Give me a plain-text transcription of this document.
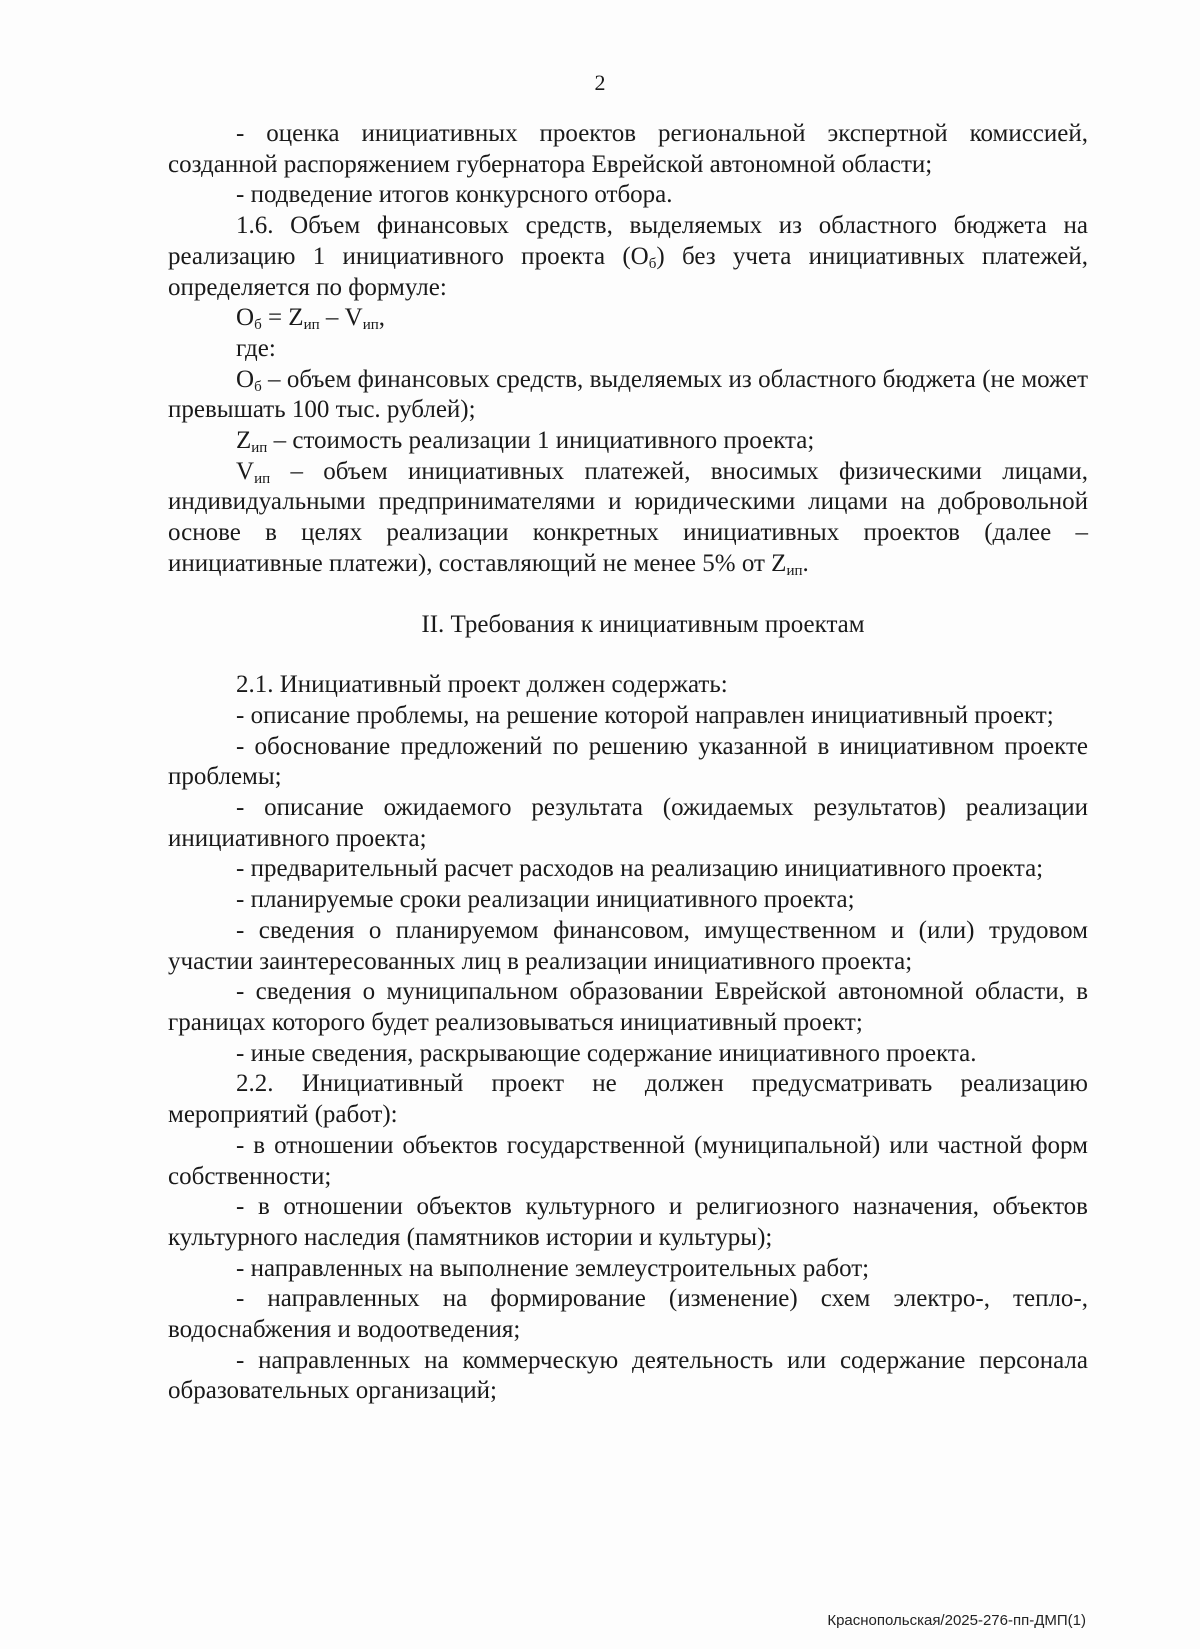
2

- оценка инициативных проектов региональной экспертной комиссией, созданной распоряжением губернатора Еврейской автономной области;

- подведение итогов конкурсного отбора.

1.6. Объем финансовых средств, выделяемых из областного бюджета на реализацию 1 инициативного проекта $(О_б)$ без учета инициативных платежей, определяется по формуле:

$О_б = Z_{ип} - V_{ип}$,

где:

$О_б$ – объем финансовых средств, выделяемых из областного бюджета (не может превышать 100 тыс. рублей);

$Z_{ип}$ – стоимость реализации 1 инициативного проекта;

$V_{ип}$ – объем инициативных платежей, вносимых физическими лицами, индивидуальными предпринимателями и юридическими лицами на добровольной основе в целях реализации конкретных инициативных проектов (далее – инициативные платежи), составляющий не менее 5% от $Z_{ип}$.

II. Требования к инициативным проектам

2.1. Инициативный проект должен содержать:

- описание проблемы, на решение которой направлен инициативный проект;

- обоснование предложений по решению указанной в инициативном проекте проблемы;

- описание ожидаемого результата (ожидаемых результатов) реализации инициативного проекта;

- предварительный расчет расходов на реализацию инициативного проекта;

- планируемые сроки реализации инициативного проекта;

- сведения о планируемом финансовом, имущественном и (или) трудовом участии заинтересованных лиц в реализации инициативного проекта;

- сведения о муниципальном образовании Еврейской автономной области, в границах которого будет реализовываться инициативный проект;

- иные сведения, раскрывающие содержание инициативного проекта.

2.2. Инициативный проект не должен предусматривать реализацию мероприятий (работ):

- в отношении объектов государственной (муниципальной) или частной форм собственности;

- в отношении объектов культурного и религиозного назначения, объектов культурного наследия (памятников истории и культуры);

- направленных на выполнение землеустроительных работ;

- направленных на формирование (изменение) схем электро-, тепло-, водоснабжения и водоотведения;

- направленных на коммерческую деятельность или содержание персонала образовательных организаций;

Краснопольская/2025-276-пп-ДМП(1)
